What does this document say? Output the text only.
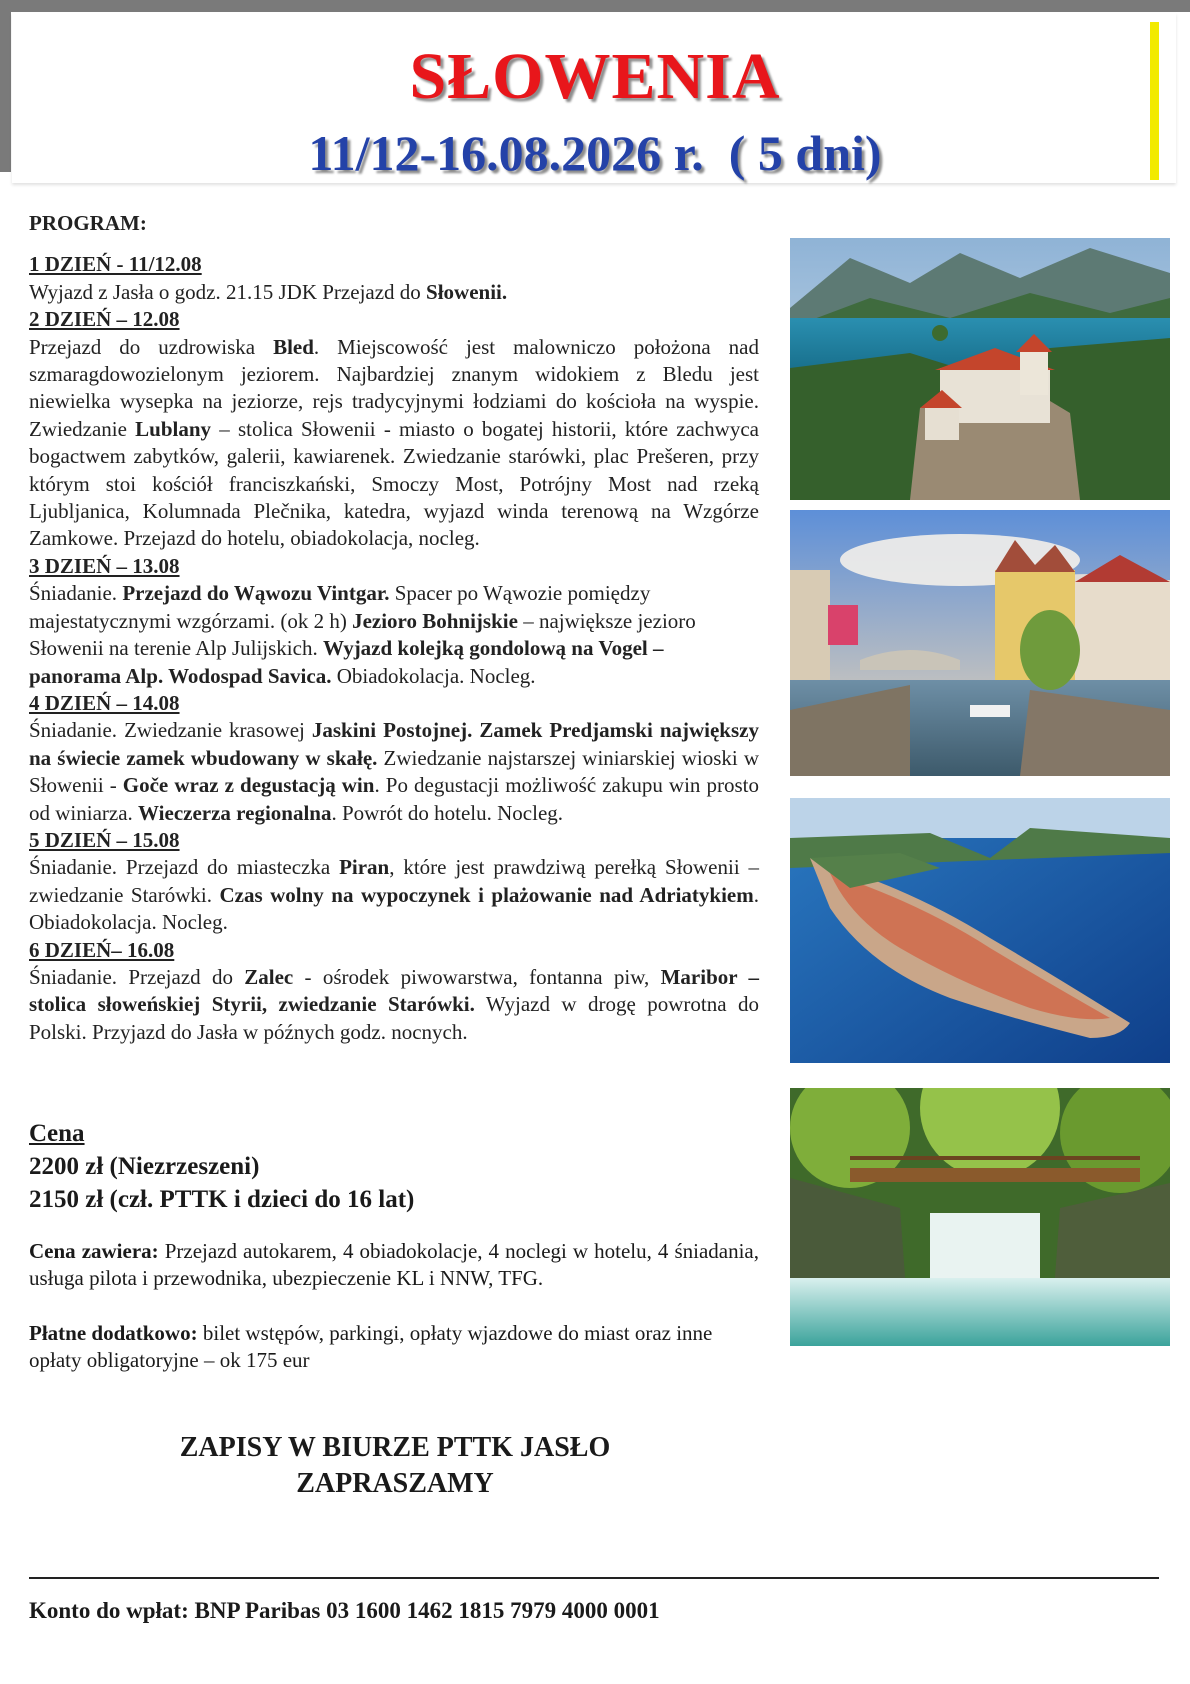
SŁOWENIA
11/12-16.08.2026 r.  ( 5 dni)
PROGRAM:
1 DZIEŃ - 11/12.08
Wyjazd z Jasła o godz. 21.15 JDK Przejazd do Słowenii.
2 DZIEŃ – 12.08
Przejazd do uzdrowiska Bled. Miejscowość jest malowniczo położona nad szmaragdowozielonym jeziorem. Najbardziej znanym widokiem z Bledu jest niewielka wysepka na jeziorze, rejs tradycyjnymi łodziami do kościoła na wyspie. Zwiedzanie Lublany – stolica Słowenii - miasto o bogatej historii, które zachwyca bogactwem zabytków, galerii, kawiarenek. Zwiedzanie starówki, plac Prešeren, przy którym stoi kościół franciszkański, Smoczy Most, Potrójny Most nad rzeką Ljubljanica, Kolumnada Plečnika, katedra, wyjazd winda terenową na Wzgórze Zamkowe. Przejazd do hotelu, obiadokolacja, nocleg.
3 DZIEŃ – 13.08
Śniadanie. Przejazd do Wąwozu Vintgar. Spacer po Wąwozie pomiędzy majestatycznymi wzgórzami. (ok 2 h) Jezioro Bohnijskie – największe jezioro Słowenii na terenie Alp Julijskich. Wyjazd kolejką gondolową na Vogel – panorama Alp. Wodospad Savica. Obiadokolacja. Nocleg.
4 DZIEŃ – 14.08
Śniadanie. Zwiedzanie krasowej Jaskini Postojnej. Zamek Predjamski największy na świecie zamek wbudowany w skałę. Zwiedzanie najstarszej winiarskiej wioski w Słowenii - Goče wraz z degustacją win. Po degustacji możliwość zakupu win prosto od winiarza. Wieczerza regionalna. Powrót do hotelu. Nocleg.
5 DZIEŃ – 15.08
Śniadanie. Przejazd do miasteczka Piran, które jest prawdziwą perełką Słowenii – zwiedzanie Starówki. Czas wolny na wypoczynek i plażowanie nad Adriatykiem. Obiadokolacja. Nocleg.
6 DZIEŃ– 16.08
Śniadanie. Przejazd do Zalec - ośrodek piwowarstwa, fontanna piw, Maribor – stolica słoweńskiej Styrii, zwiedzanie Starówki. Wyjazd w drogę powrotna do Polski. Przyjazd do Jasła w późnych godz. nocnych.
Cena
2200 zł (Niezrzeszeni)
2150 zł (czł. PTTK i dzieci do 16 lat)
Cena zawiera: Przejazd autokarem, 4 obiadokolacje, 4 noclegi w hotelu, 4 śniadania, usługa pilota i przewodnika, ubezpieczenie KL i NNW, TFG.
Płatne dodatkowo: bilet wstępów, parkingi, opłaty wjazdowe do miast oraz inne opłaty obligatoryjne – ok 175 eur
ZAPISY W BIURZE PTTK JASŁO
ZAPRASZAMY
Konto do wpłat: BNP Paribas 03 1600 1462 1815 7979 4000 0001
